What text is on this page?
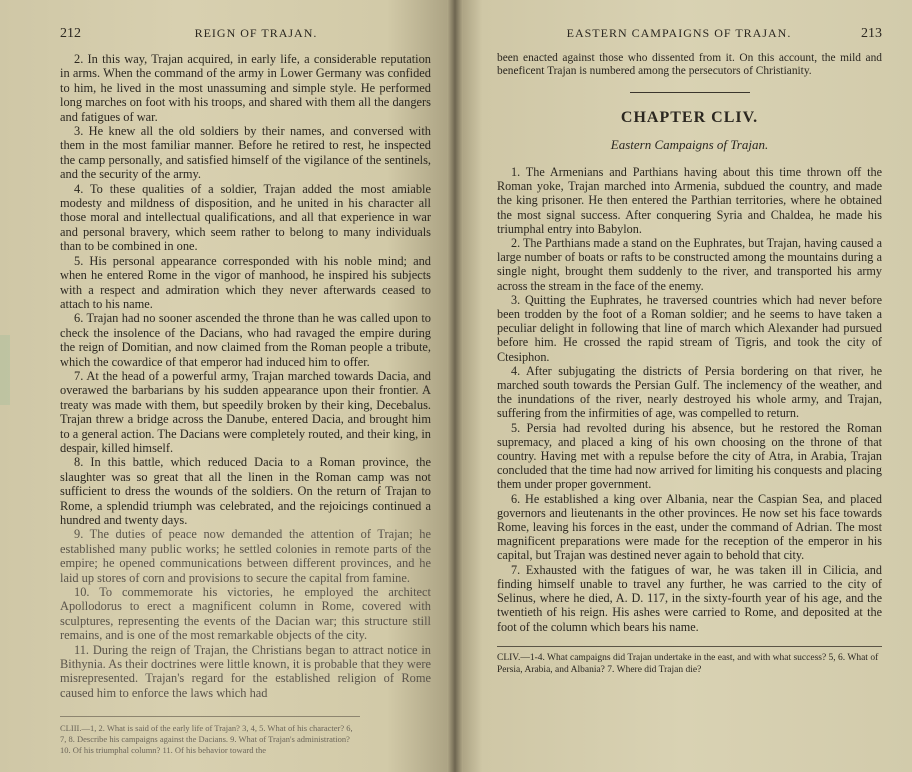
212	REIGN OF TRAJAN.

2. In this way, Trajan acquired, in early life, a considerable reputation in arms. When the command of the army in Lower Germany was confided to him, he lived in the most unassuming and simple style. He performed long marches on foot with his troops, and shared with them all the dangers and fatigues of war.

3. He knew all the old soldiers by their names, and conversed with them in the most familiar manner. Before he retired to rest, he inspected the camp personally, and satisfied himself of the vigilance of the sentinels, and the security of the army.

4. To these qualities of a soldier, Trajan added the most amiable modesty and mildness of disposition, and he united in his character all those moral and intellectual qualifications, and all that experience in war and personal bravery, which seem rather to belong to many individuals than to be combined in one.

5. His personal appearance corresponded with his noble mind; and when he entered Rome in the vigor of manhood, he inspired his subjects with a respect and admiration which they never afterwards ceased to attach to his name.

6. Trajan had no sooner ascended the throne than he was called upon to check the insolence of the Dacians, who had ravaged the empire during the reign of Domitian, and now claimed from the Roman people a tribute, which the cowardice of that emperor had induced him to offer.

7. At the head of a powerful army, Trajan marched towards Dacia, and overawed the barbarians by his sudden appearance upon their frontier. A treaty was made with them, but speedily broken by their king, Decebalus. Trajan threw a bridge across the Danube, entered Dacia, and brought him to a general action. The Dacians were completely routed, and their king, in despair, killed himself.

8. In this battle, which reduced Dacia to a Roman province, the slaughter was so great that all the linen in the Roman camp was not sufficient to dress the wounds of the soldiers. On the return of Trajan to Rome, a splendid triumph was celebrated, and the rejoicings continued a hundred and twenty days.

9. The duties of peace now demanded the attention of Trajan; he established many public works; he settled colonies in remote parts of the empire; he opened communications between different provinces, and he laid up stores of corn and provisions to secure the capital from famine.

10. To commemorate his victories, he employed the architect Apollodorus to erect a magnificent column in Rome, covered with sculptures, representing the events of the Dacian war; this structure still remains, and is one of the most remarkable objects of the city.

11. During the reign of Trajan, the Christians began to attract notice in Bithynia. As their doctrines were little known, it is probable that they were misrepresented. Trajan's regard for the established religion of Rome caused him to enforce the laws which had

CLIII.—1, 2. What is said of the early life of Trajan? 3, 4, 5. What of his character? 6, 7, 8. Describe his campaigns against the Dacians. 9. What of Trajan's administration? 10. Of his triumphal column? 11. Of his behavior toward the
EASTERN CAMPAIGNS OF TRAJAN.	213

been enacted against those who dissented from it. On this account, the mild and beneficent Trajan is numbered among the persecutors of Christianity.

CHAPTER CLIV.
Eastern Campaigns of Trajan.

1. The Armenians and Parthians having about this time thrown off the Roman yoke, Trajan marched into Armenia, subdued the country, and made the king prisoner. He then entered the Parthian territories, where he obtained the most signal success. After conquering Syria and Chaldea, he made his triumphal entry into Babylon.

2. The Parthians made a stand on the Euphrates, but Trajan, having caused a large number of boats or rafts to be constructed among the mountains during a single night, brought them suddenly to the river, and transported his army across the stream in the face of the enemy.

3. Quitting the Euphrates, he traversed countries which had never before been trodden by the foot of a Roman soldier; and he seems to have taken a peculiar delight in following that line of march which Alexander had pursued before him. He crossed the rapid stream of Tigris, and took the city of Ctesiphon.

4. After subjugating the districts of Persia bordering on that river, he marched south towards the Persian Gulf. The inclemency of the weather, and the inundations of the river, nearly destroyed his whole army, and Trajan, suffering from the infirmities of age, was compelled to return.

5. Persia had revolted during his absence, but he restored the Roman supremacy, and placed a king of his own choosing on the throne of that country. Having met with a repulse before the city of Atra, in Arabia, Trajan concluded that the time had now arrived for limiting his conquests and placing them under proper government.

6. He established a king over Albania, near the Caspian Sea, and placed governors and lieutenants in the other provinces. He now set his face towards Rome, leaving his forces in the east, under the command of Adrian. The most magnificent preparations were made for the reception of the emperor in his capital, but Trajan was destined never again to behold that city.

7. Exhausted with the fatigues of war, he was taken ill in Cilicia, and finding himself unable to travel any further, he was carried to the city of Selinus, where he died, A. D. 117, in the sixty-fourth year of his age, and the twentieth of his reign. His ashes were carried to Rome, and deposited at the foot of the column which bears his name.

CLIV.—1-4. What campaigns did Trajan undertake in the east, and with what success? 5, 6. What of Persia, Arabia, and Albania? 7. Where did Trajan die?
